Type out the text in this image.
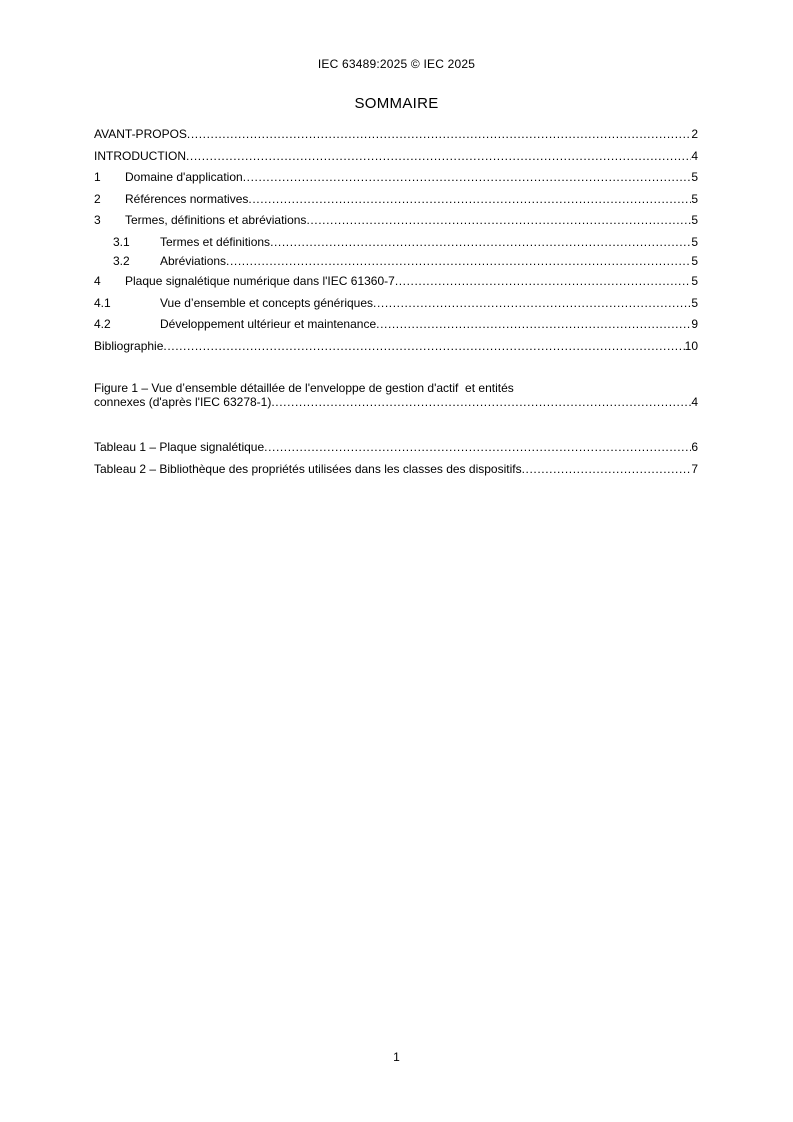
IEC 63489:2025 © IEC 2025
SOMMAIRE
AVANT-PROPOS .....	2
INTRODUCTION .....	4
1 Domaine d'application .....	5
2 Références normatives .....	5
3 Termes, définitions et abréviations .....	5
3.1	Termes et définitions .....	5
3.2	Abréviations .....	5
4 Plaque signalétique numérique dans l'IEC 61360-7 .....	5
4.1	Vue d’ensemble et concepts génériques .....	5
4.2	Développement ultérieur et maintenance .....	9
Bibliographie .....	10
Figure 1 – Vue d’ensemble détaillée de l'enveloppe de gestion d'actif  et entités
connexes (d'après l'IEC 63278-1) .....	4
Tableau 1 – Plaque signalétique .....	6
Tableau 2 – Bibliothèque des propriétés utilisées dans les classes des dispositifs .....	7
1
